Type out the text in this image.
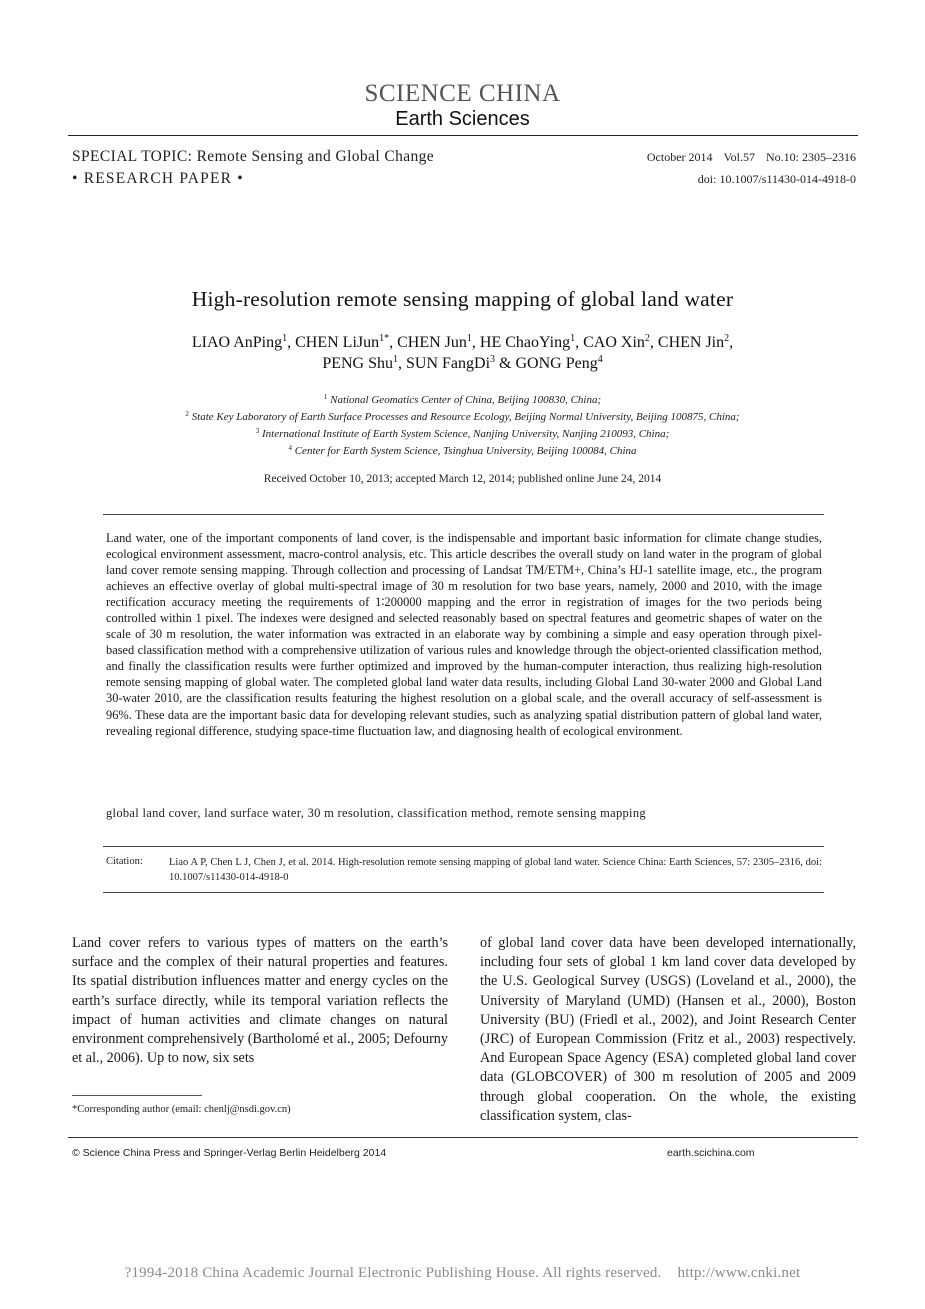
SCIENCE CHINA
Earth Sciences
SPECIAL TOPIC: Remote Sensing and Global Change
• RESEARCH PAPER •
October 2014 Vol.57 No.10: 2305–2316
doi: 10.1007/s11430-014-4918-0
High-resolution remote sensing mapping of global land water
LIAO AnPing$^1$, CHEN LiJun$^{1*}$, CHEN Jun$^1$, HE ChaoYing$^1$, CAO Xin$^2$, CHEN Jin$^2$,
PENG Shu$^1$, SUN FangDi$^3$ & GONG Peng$^4$
$^1$ National Geomatics Center of China, Beijing 100830, China;
$^2$ State Key Laboratory of Earth Surface Processes and Resource Ecology, Beijing Normal University, Beijing 100875, China;
$^3$ International Institute of Earth System Science, Nanjing University, Nanjing 210093, China;
$^4$ Center for Earth System Science, Tsinghua University, Beijing 100084, China
Received October 10, 2013; accepted March 12, 2014; published online June 24, 2014
Land water, one of the important components of land cover, is the indispensable and important basic information for climate change studies, ecological environment assessment, macro-control analysis, etc. This article describes the overall study on land water in the program of global land cover remote sensing mapping. Through collection and processing of Landsat TM/ETM+, China’s HJ-1 satellite image, etc., the program achieves an effective overlay of global multi-spectral image of 30 m resolution for two base years, namely, 2000 and 2010, with the image rectification accuracy meeting the requirements of 1∶200000 mapping and the error in registration of images for the two periods being controlled within 1 pixel. The indexes were designed and selected reasonably based on spectral features and geometric shapes of water on the scale of 30 m resolution, the water information was extracted in an elaborate way by combining a simple and easy operation through pixel-based classification method with a comprehensive utilization of various rules and knowledge through the object-oriented classification method, and finally the classification results were further optimized and improved by the human-computer interaction, thus realizing high-resolution remote sensing mapping of global water. The completed global land water data results, including Global Land 30-water 2000 and Global Land 30-water 2010, are the classification results featuring the highest resolution on a global scale, and the overall accuracy of self-assessment is 96%. These data are the important basic data for developing relevant studies, such as analyzing spatial distribution pattern of global land water, revealing regional difference, studying space-time fluctuation law, and diagnosing health of ecological environment.
global land cover, land surface water, 30 m resolution, classification method, remote sensing mapping
Citation:	Liao A P, Chen L J, Chen J, et al. 2014. High-resolution remote sensing mapping of global land water. Science China: Earth Sciences, 57: 2305–2316, doi: 10.1007/s11430-014-4918-0
Land cover refers to various types of matters on the earth’s surface and the complex of their natural properties and features. Its spatial distribution influences matter and energy cycles on the earth’s surface directly, while its temporal variation reflects the impact of human activities and climate changes on natural environment comprehensively (Bartholomé et al., 2005; Defourny et al., 2006). Up to now, six sets
of global land cover data have been developed internationally, including four sets of global 1 km land cover data developed by the U.S. Geological Survey (USGS) (Loveland et al., 2000), the University of Maryland (UMD) (Hansen et al., 2000), Boston University (BU) (Friedl et al., 2002), and Joint Research Center (JRC) of European Commission (Fritz et al., 2003) respectively. And European Space Agency (ESA) completed global land cover data (GLOBCOVER) of 300 m resolution of 2005 and 2009 through global cooperation. On the whole, the existing classification system, clas-
*Corresponding author (email: chenlj@nsdi.gov.cn)
© Science China Press and Springer-Verlag Berlin Heidelberg 2014	earth.scichina.com
?1994-2018 China Academic Journal Electronic Publishing House. All rights reserved. http://www.cnki.net
